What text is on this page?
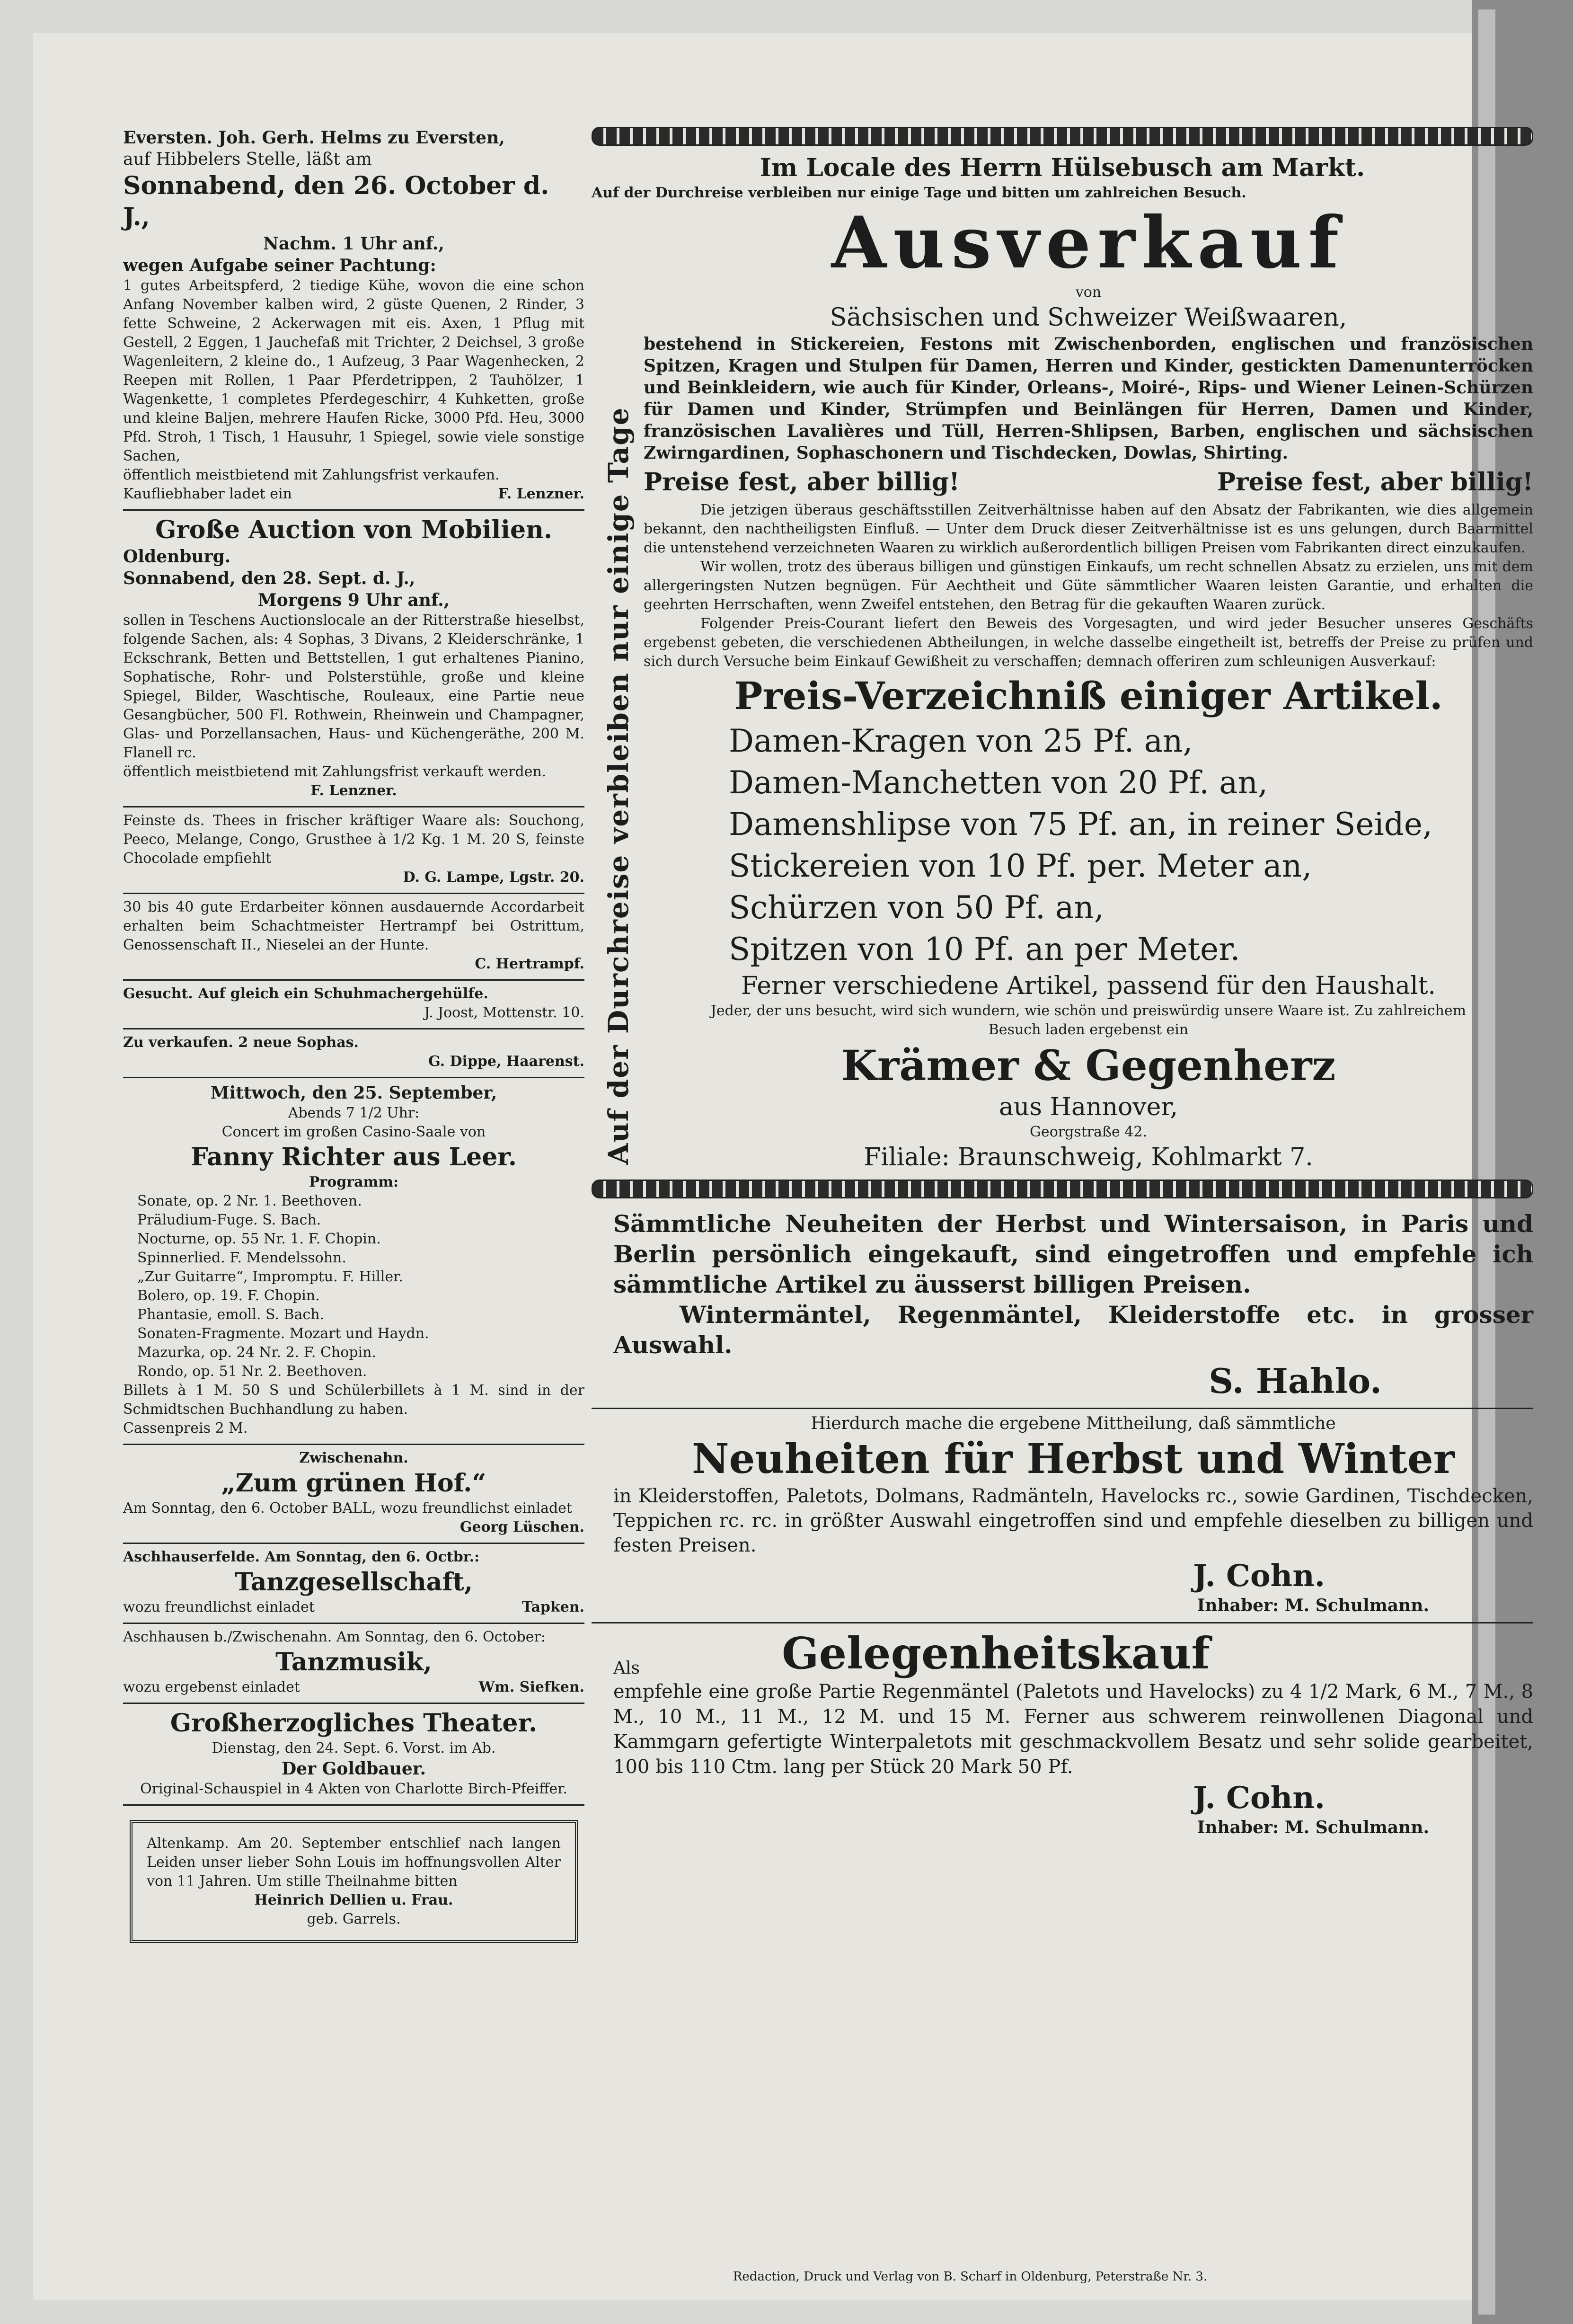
Eversten. Joh. Gerh. Helms zu Eversten,
auf Hibbelers Stelle, läßt am
Sonnabend, den 26. October d. J.,
Nachm. 1 Uhr anf.,
wegen Aufgabe seiner Pachtung:
1 gutes Arbeitspferd, 2 tiedige Kühe, wovon die eine schon Anfang November kalben wird, 2 güste Quenen, 2 Rinder, 3 fette Schweine, 2 Ackerwagen mit eis. Axen, 1 Pflug mit Gestell, 2 Eggen, 1 Jauchefaß mit Trichter, 2 Deichsel, 3 große Wagenleitern, 2 kleine do., 1 Aufzeug, 3 Paar Wagenhecken, 2 Reepen mit Rollen, 1 Paar Pferdetrippen, 2 Tauhölzer, 1 Wagenkette, 1 completes Pferdegeschirr, 4 Kuhketten, große und kleine Baljen, mehrere Haufen Ricke, 3000 Pfd. Heu, 3000 Pfd. Stroh, 1 Tisch, 1 Hausuhr, 1 Spiegel, sowie viele sonstige Sachen,
öffentlich meistbietend mit Zahlungsfrist verkaufen.
Kaufliebhaber ladet ein	F. Lenzner.
Große Auction von Mobilien.
Oldenburg.
Sonnabend, den 28. Sept. d. J.,
Morgens 9 Uhr anf.,
sollen in Teschens Auctionslocale an der Ritterstraße hieselbst, folgende Sachen, als: 4 Sophas, 3 Divans, 2 Kleiderschränke, 1 Eckschrank, Betten und Bettstellen, 1 gut erhaltenes Pianino, Sophatische, Rohr- und Polsterstühle, große und kleine Spiegel, Bilder, Waschtische, Rouleaux, eine Partie neue Gesangbücher, 500 Fl. Rothwein, Rheinwein und Champagner, Glas- und Porzellansachen, Haus- und Küchengeräthe, 200 M. Flanell rc.
öffentlich meistbietend mit Zahlungsfrist verkauft werden.
F. Lenzner.
Feinste ds. Thees in frischer kräftiger Waare als: Souchong, Peeco, Melange, Congo, Grusthee à 1/2 Kg. 1 M. 20 S, feinste Chocolade empfiehlt
D. G. Lampe, Lgstr. 20.
30 bis 40 gute Erdarbeiter können ausdauernde Accordarbeit erhalten beim Schachtmeister Hertrampf bei Ostrittum, Genossenschaft II., Nieselei an der Hunte.
C. Hertrampf.
Gesucht. Auf gleich ein Schuhmachergehülfe.
J. Joost, Mottenstr. 10.
Zu verkaufen. 2 neue Sophas.
G. Dippe, Haarenst.
Mittwoch, den 25. September,
Abends 7 1/2 Uhr:
Concert im großen Casino-Saale von
Fanny Richter aus Leer.
Programm:
Sonate, op. 2 Nr. 1. Beethoven.
Präludium-Fuge. S. Bach.
Nocturne, op. 55 Nr. 1. F. Chopin.
Spinnerlied. F. Mendelssohn.
„Zur Guitarre“, Impromptu. F. Hiller.
Bolero, op. 19. F. Chopin.
Phantasie, emoll. S. Bach.
Sonaten-Fragmente. Mozart und Haydn.
Mazurka, op. 24 Nr. 2. F. Chopin.
Rondo, op. 51 Nr. 2. Beethoven.
Billets à 1 M. 50 S und Schülerbillets à 1 M. sind in der Schmidtschen Buchhandlung zu haben.
Cassenpreis 2 M.
Zwischenahn.
„Zum grünen Hof.“
Am Sonntag, den 6. October BALL, wozu freundlichst einladet
Georg Lüschen.
Aschhauserfelde. Am Sonntag, den 6. Octbr.:
Tanzgesellschaft,
wozu freundlichst einladet	Tapken.
Aschhausen b./Zwischenahn. Am Sonntag, den 6. October:
Tanzmusik,
wozu ergebenst einladet	Wm. Siefken.
Großherzogliches Theater.
Dienstag, den 24. Sept. 6. Vorst. im Ab.
Der Goldbauer.
Original-Schauspiel in 4 Akten von Charlotte Birch-Pfeiffer.
Altenkamp. Am 20. September entschlief nach langen Leiden unser lieber Sohn Louis im hoffnungsvollen Alter von 11 Jahren. Um stille Theilnahme bitten
Heinrich Dellien u. Frau.
geb. Garrels.
Auf der Durchreise verbleiben nur einige Tage
Im Locale des Herrn Hülsebusch am Markt.
Auf der Durchreise verbleiben nur einige Tage und bitten um zahlreichen Besuch.
Ausverkauf
von
Sächsischen und Schweizer Weißwaaren,
bestehend in Stickereien, Festons mit Zwischenborden, englischen und französischen Spitzen, Kragen und Stulpen für Damen, Herren und Kinder, gestickten Damenunterröcken und Beinkleidern, wie auch für Kinder, Orleans-, Moiré-, Rips- und Wiener Leinen-Schürzen für Damen und Kinder, Strümpfen und Beinlängen für Herren, Damen und Kinder, französischen Lavalières und Tüll, Herren-Shlipsen, Barben, englischen und sächsischen Zwirngardinen, Sophaschonern und Tischdecken, Dowlas, Shirting.
Preise fest, aber billig!	Preise fest, aber billig!
Die jetzigen überaus geschäftsstillen Zeitverhältnisse haben auf den Absatz der Fabrikanten, wie dies allgemein bekannt, den nachtheiligsten Einfluß. — Unter dem Druck dieser Zeitverhältnisse ist es uns gelungen, durch Baarmittel die untenstehend verzeichneten Waaren zu wirklich außerordentlich billigen Preisen vom Fabrikanten direct einzukaufen.
Wir wollen, trotz des überaus billigen und günstigen Einkaufs, um recht schnellen Absatz zu erzielen, uns mit dem allergeringsten Nutzen begnügen. Für Aechtheit und Güte sämmtlicher Waaren leisten Garantie, und erhalten die geehrten Herrschaften, wenn Zweifel entstehen, den Betrag für die gekauften Waaren zurück.
Folgender Preis-Courant liefert den Beweis des Vorgesagten, und wird jeder Besucher unseres Geschäfts ergebenst gebeten, die verschiedenen Abtheilungen, in welche dasselbe eingetheilt ist, betreffs der Preise zu prüfen und sich durch Versuche beim Einkauf Gewißheit zu verschaffen; demnach offeriren zum schleunigen Ausverkauf:
Preis-Verzeichniß einiger Artikel.
Damen-Kragen von 25 Pf. an,
Damen-Manchetten von 20 Pf. an,
Damenshlipse von 75 Pf. an, in reiner Seide,
Stickereien von 10 Pf. per. Meter an,
Schürzen von 50 Pf. an,
Spitzen von 10 Pf. an per Meter.
Ferner verschiedene Artikel, passend für den Haushalt.
Jeder, der uns besucht, wird sich wundern, wie schön und preiswürdig unsere Waare ist. Zu zahlreichem Besuch laden ergebenst ein
Krämer & Gegenherz
aus Hannover,
Georgstraße 42.
Filiale: Braunschweig, Kohlmarkt 7.
Sämmtliche Neuheiten der Herbst und Wintersaison, in Paris und Berlin persönlich eingekauft, sind eingetroffen und empfehle ich sämmtliche Artikel zu äusserst billigen Preisen.
Wintermäntel, Regenmäntel, Kleiderstoffe etc. in grosser Auswahl.
S. Hahlo.
Hierdurch mache die ergebene Mittheilung, daß sämmtliche
Neuheiten für Herbst und Winter
in Kleiderstoffen, Paletots, Dolmans, Radmänteln, Havelocks rc., sowie Gardinen, Tischdecken, Teppichen rc. rc. in größter Auswahl eingetroffen sind und empfehle dieselben zu billigen und festen Preisen.
J. Cohn.
Inhaber: M. Schulmann.
Als	Gelegenheitskauf
empfehle eine große Partie Regenmäntel (Paletots und Havelocks) zu 4 1/2 Mark, 6 M., 7 M., 8 M., 10 M., 11 M., 12 M. und 15 M. Ferner aus schwerem reinwollenen Diagonal und Kammgarn gefertigte Winterpaletots mit geschmackvollem Besatz und sehr solide gearbeitet, 100 bis 110 Ctm. lang per Stück 20 Mark 50 Pf.
J. Cohn.
Inhaber: M. Schulmann.
Redaction, Druck und Verlag von B. Scharf in Oldenburg, Peterstraße Nr. 3.
